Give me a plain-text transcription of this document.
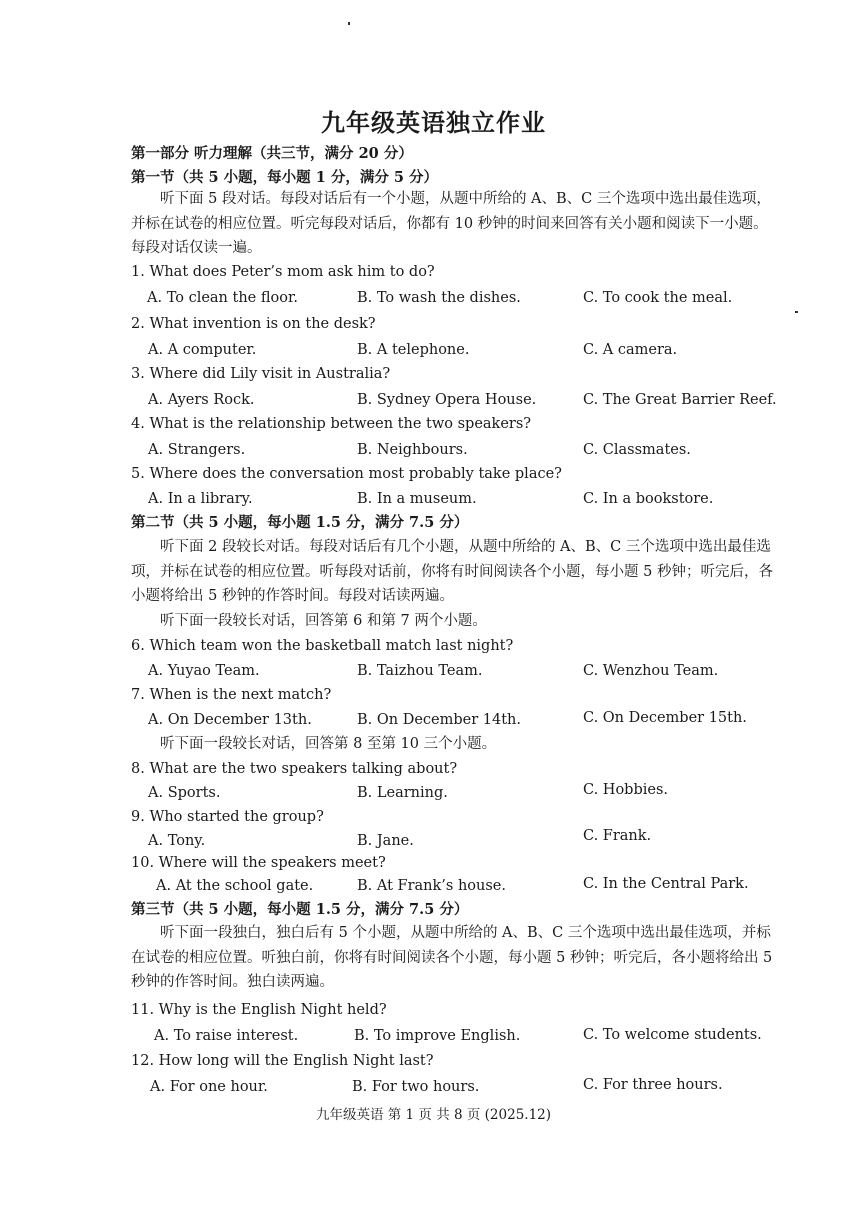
九年级英语独立作业
第一部分 听力理解（共三节，满分 20 分）
第一节（共 5 小题，每小题 1 分，满分 5 分）
听下面 5 段对话。每段对话后有一个小题，从题中所给的 A、B、C 三个选项中选出最佳选项，并标在试卷的相应位置。听完每段对话后，你都有 10 秒钟的时间来回答有关小题和阅读下一小题。每段对话仅读一遍。
1. What does Peter’s mom ask him to do?
A. To clean the floor.	B. To wash the dishes.	C. To cook the meal.
2. What invention is on the desk?
A. A computer.	B. A telephone.	C. A camera.
3. Where did Lily visit in Australia?
A. Ayers Rock.	B. Sydney Opera House.	C. The Great Barrier Reef.
4. What is the relationship between the two speakers?
A. Strangers.	B. Neighbours.	C. Classmates.
5. Where does the conversation most probably take place?
A. In a library.	B. In a museum.	C. In a bookstore.
第二节（共 5 小题，每小题 1.5 分，满分 7.5 分）
听下面 2 段较长对话。每段对话后有几个小题，从题中所给的 A、B、C 三个选项中选出最佳选项，并标在试卷的相应位置。听每段对话前，你将有时间阅读各个小题，每小题 5 秒钟；听完后，各小题将给出 5 秒钟的作答时间。每段对话读两遍。
听下面一段较长对话，回答第 6 和第 7 两个小题。
6. Which team won the basketball match last night?
A. Yuyao Team.	B. Taizhou Team.	C. Wenzhou Team.
7. When is the next match?
A. On December 13th.	B. On December 14th.	C. On December 15th.
听下面一段较长对话，回答第 8 至第 10 三个小题。
8. What are the two speakers talking about?
A. Sports.	B. Learning.	C. Hobbies.
9. Who started the group?
A. Tony.	B. Jane.	C. Frank.
10. Where will the speakers meet?
A. At the school gate.	B. At Frank’s house.	C. In the Central Park.
第三节（共 5 小题，每小题 1.5 分，满分 7.5 分）
听下面一段独白，独白后有 5 个小题，从题中所给的 A、B、C 三个选项中选出最佳选项，并标在试卷的相应位置。听独白前，你将有时间阅读各个小题，每小题 5 秒钟；听完后，各小题将给出 5 秒钟的作答时间。独白读两遍。
11. Why is the English Night held?
A. To raise interest.	B. To improve English.	C. To welcome students.
12. How long will the English Night last?
A. For one hour.	B. For two hours.	C. For three hours.
九年级英语 第 1 页 共 8 页 (2025.12)
